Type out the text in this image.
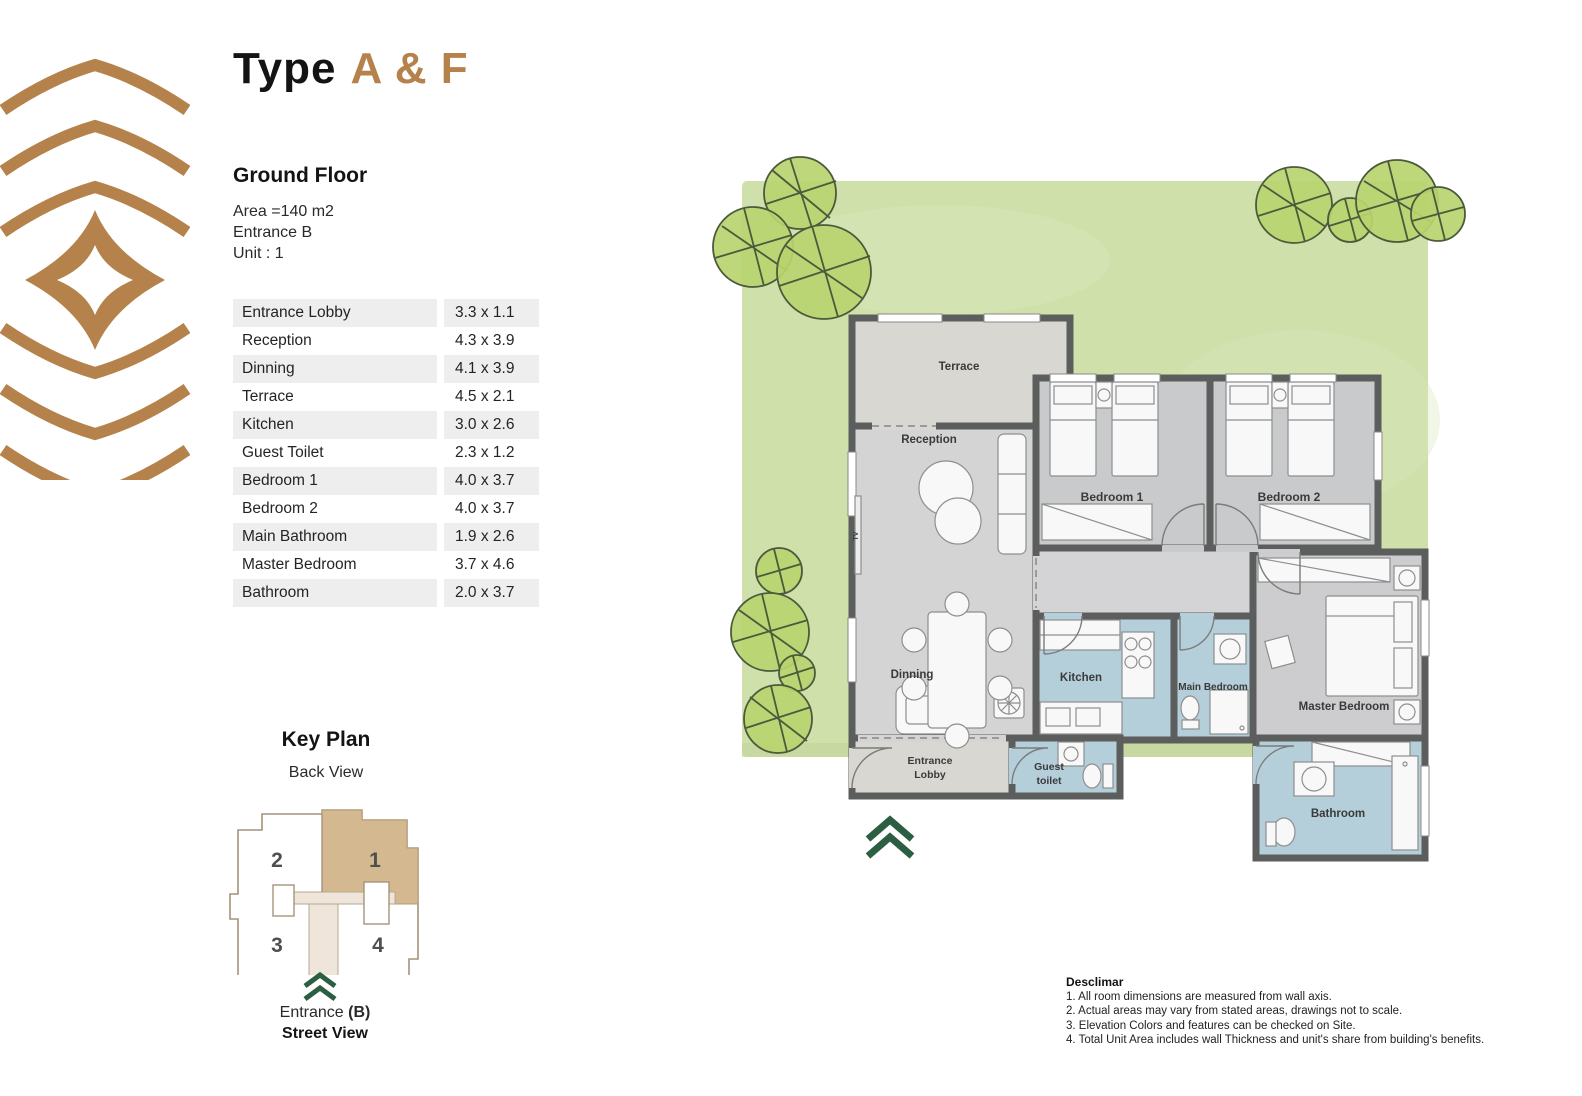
Type A & F
Ground Floor
Area =140 m2
Entrance B
Unit : 1
Entrance Lobby	3.3 x 1.1
Reception	4.3 x 3.9
Dinning	4.1 x 3.9
Terrace	4.5 x 2.1
Kitchen	3.0 x 2.6
Guest Toilet	2.3 x 1.2
Bedroom 1	4.0 x 3.7
Bedroom 2	4.0 x 3.7
Main Bathroom	1.9 x 2.6
Master Bedroom	3.7 x 4.6
Bathroom	2.0 x 3.7
Key Plan
Back View
2	1
3	4
Entrance (B)
Street View
Terrace
Reception
Bedroom 1	Bedroom 2
Dinning	Kitchen
Main Bedroom
Master Bedroom
Entrance
Lobby
Guest
toilet
Bathroom
TV
Desclimar
1. All room dimensions are measured from wall axis.
2. Actual areas may vary from stated areas, drawings not to scale.
3. Elevation Colors and features can be checked on Site.
4. Total Unit Area includes wall Thickness and unit's share from building's benefits.
